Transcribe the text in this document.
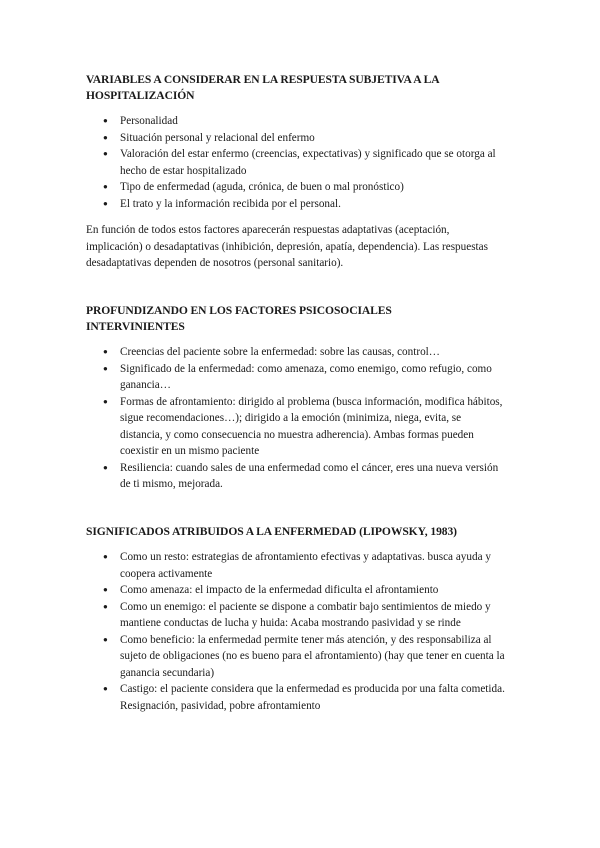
VARIABLES A CONSIDERAR EN LA RESPUESTA SUBJETIVA A LA HOSPITALIZACIÓN
● Personalidad
● Situación personal y relacional del enfermo
● Valoración del estar enfermo (creencias, expectativas) y significado que se otorga al hecho de estar hospitalizado
● Tipo de enfermedad (aguda, crónica, de buen o mal pronóstico)
● El trato y la información recibida por el personal.

En función de todos estos factores aparecerán respuestas adaptativas (aceptación, implicación) o desadaptativas (inhibición, depresión, apatía, dependencia). Las respuestas desadaptativas dependen de nosotros (personal sanitario).

PROFUNDIZANDO EN LOS FACTORES PSICOSOCIALES INTERVINIENTES
● Creencias del paciente sobre la enfermedad: sobre las causas, control…
● Significado de la enfermedad: como amenaza, como enemigo, como refugio, como ganancia…
● Formas de afrontamiento: dirigido al problema (busca información, modifica hábitos, sigue recomendaciones…); dirigido a la emoción (minimiza, niega, evita, se distancia, y como consecuencia no muestra adherencia). Ambas formas pueden coexistir en un mismo paciente
● Resiliencia: cuando sales de una enfermedad como el cáncer, eres una nueva versión de ti mismo, mejorada.
SIGNIFICADOS ATRIBUIDOS A LA ENFERMEDAD (LIPOWSKY, 1983)
● Como un resto: estrategias de afrontamiento efectivas y adaptativas. busca ayuda y coopera activamente
● Como amenaza: el impacto de la enfermedad dificulta el afrontamiento
● Como un enemigo: el paciente se dispone a combatir bajo sentimientos de miedo y mantiene conductas de lucha y huida: Acaba mostrando pasividad y se rinde
● Como beneficio: la enfermedad permite tener más atención, y des responsabiliza al sujeto de obligaciones (no es bueno para el afrontamiento) (hay que tener en cuenta la ganancia secundaria)
● Castigo: el paciente considera que la enfermedad es producida por una falta cometida. Resignación, pasividad, pobre afrontamiento
